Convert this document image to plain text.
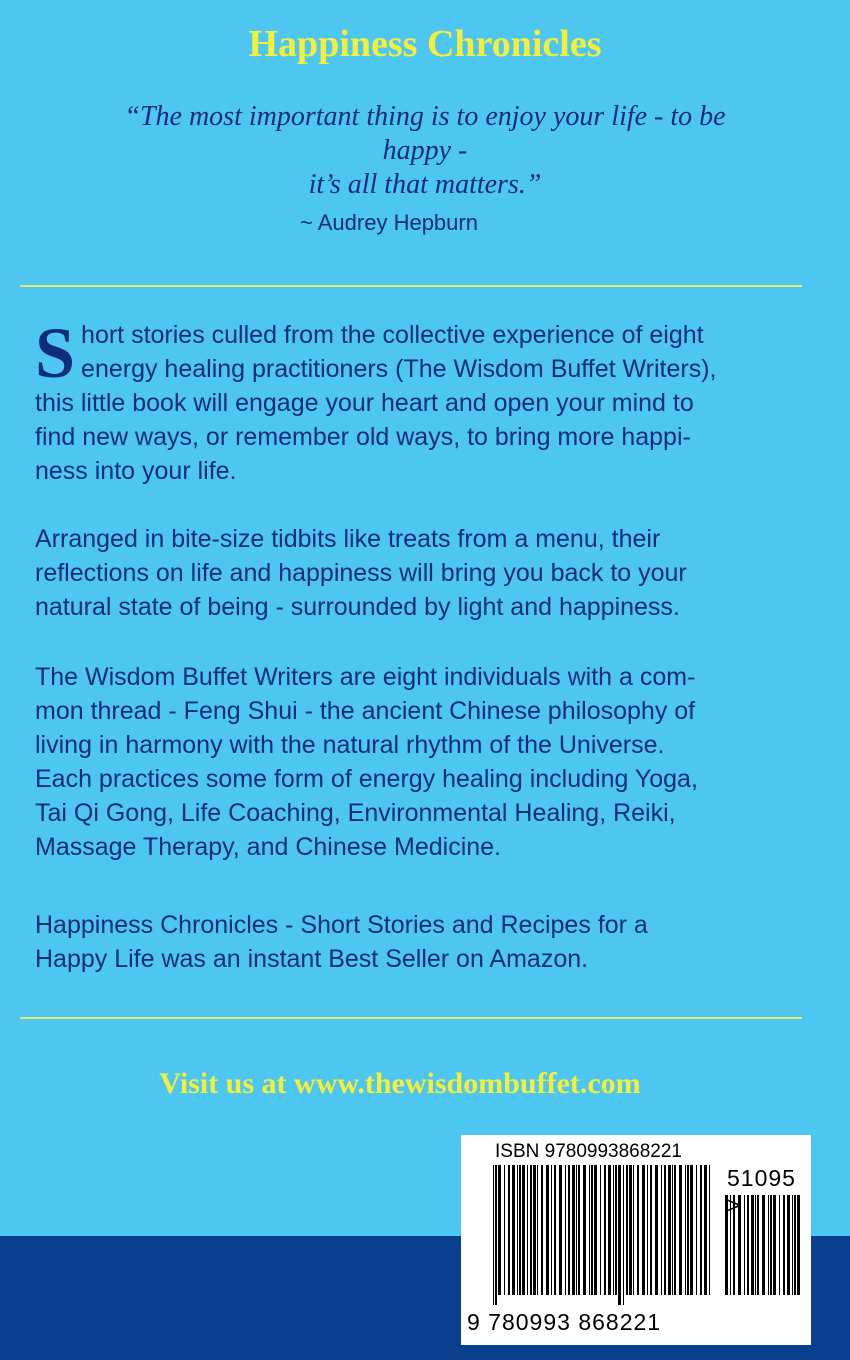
Happiness Chronicles
“The most important thing is to enjoy your life - to be
happy -
it’s all that matters.”
~ Audrey Hepburn
S hort stories culled from the collective experience of eight
energy healing practitioners (The Wisdom Buffet Writers),
this little book will engage your heart and open your mind to
find new ways, or remember old ways, to bring more happi-
ness into your life.
Arranged in bite-size tidbits like treats from a menu, their
reflections on life and happiness will bring you back to your
natural state of being - surrounded by light and happiness.
The Wisdom Buffet Writers are eight individuals with a com-
mon thread - Feng Shui - the ancient Chinese philosophy of
living in harmony with the natural rhythm of the Universe.
Each practices some form of energy healing including Yoga,
Tai Qi Gong, Life Coaching, Environmental Healing, Reiki,
Massage Therapy, and Chinese Medicine.
Happiness Chronicles - Short Stories and Recipes for a
Happy Life was an instant Best Seller on Amazon.
Visit us at www.thewisdombuffet.com
ISBN 9780993868221
51095
9 780993 868221
